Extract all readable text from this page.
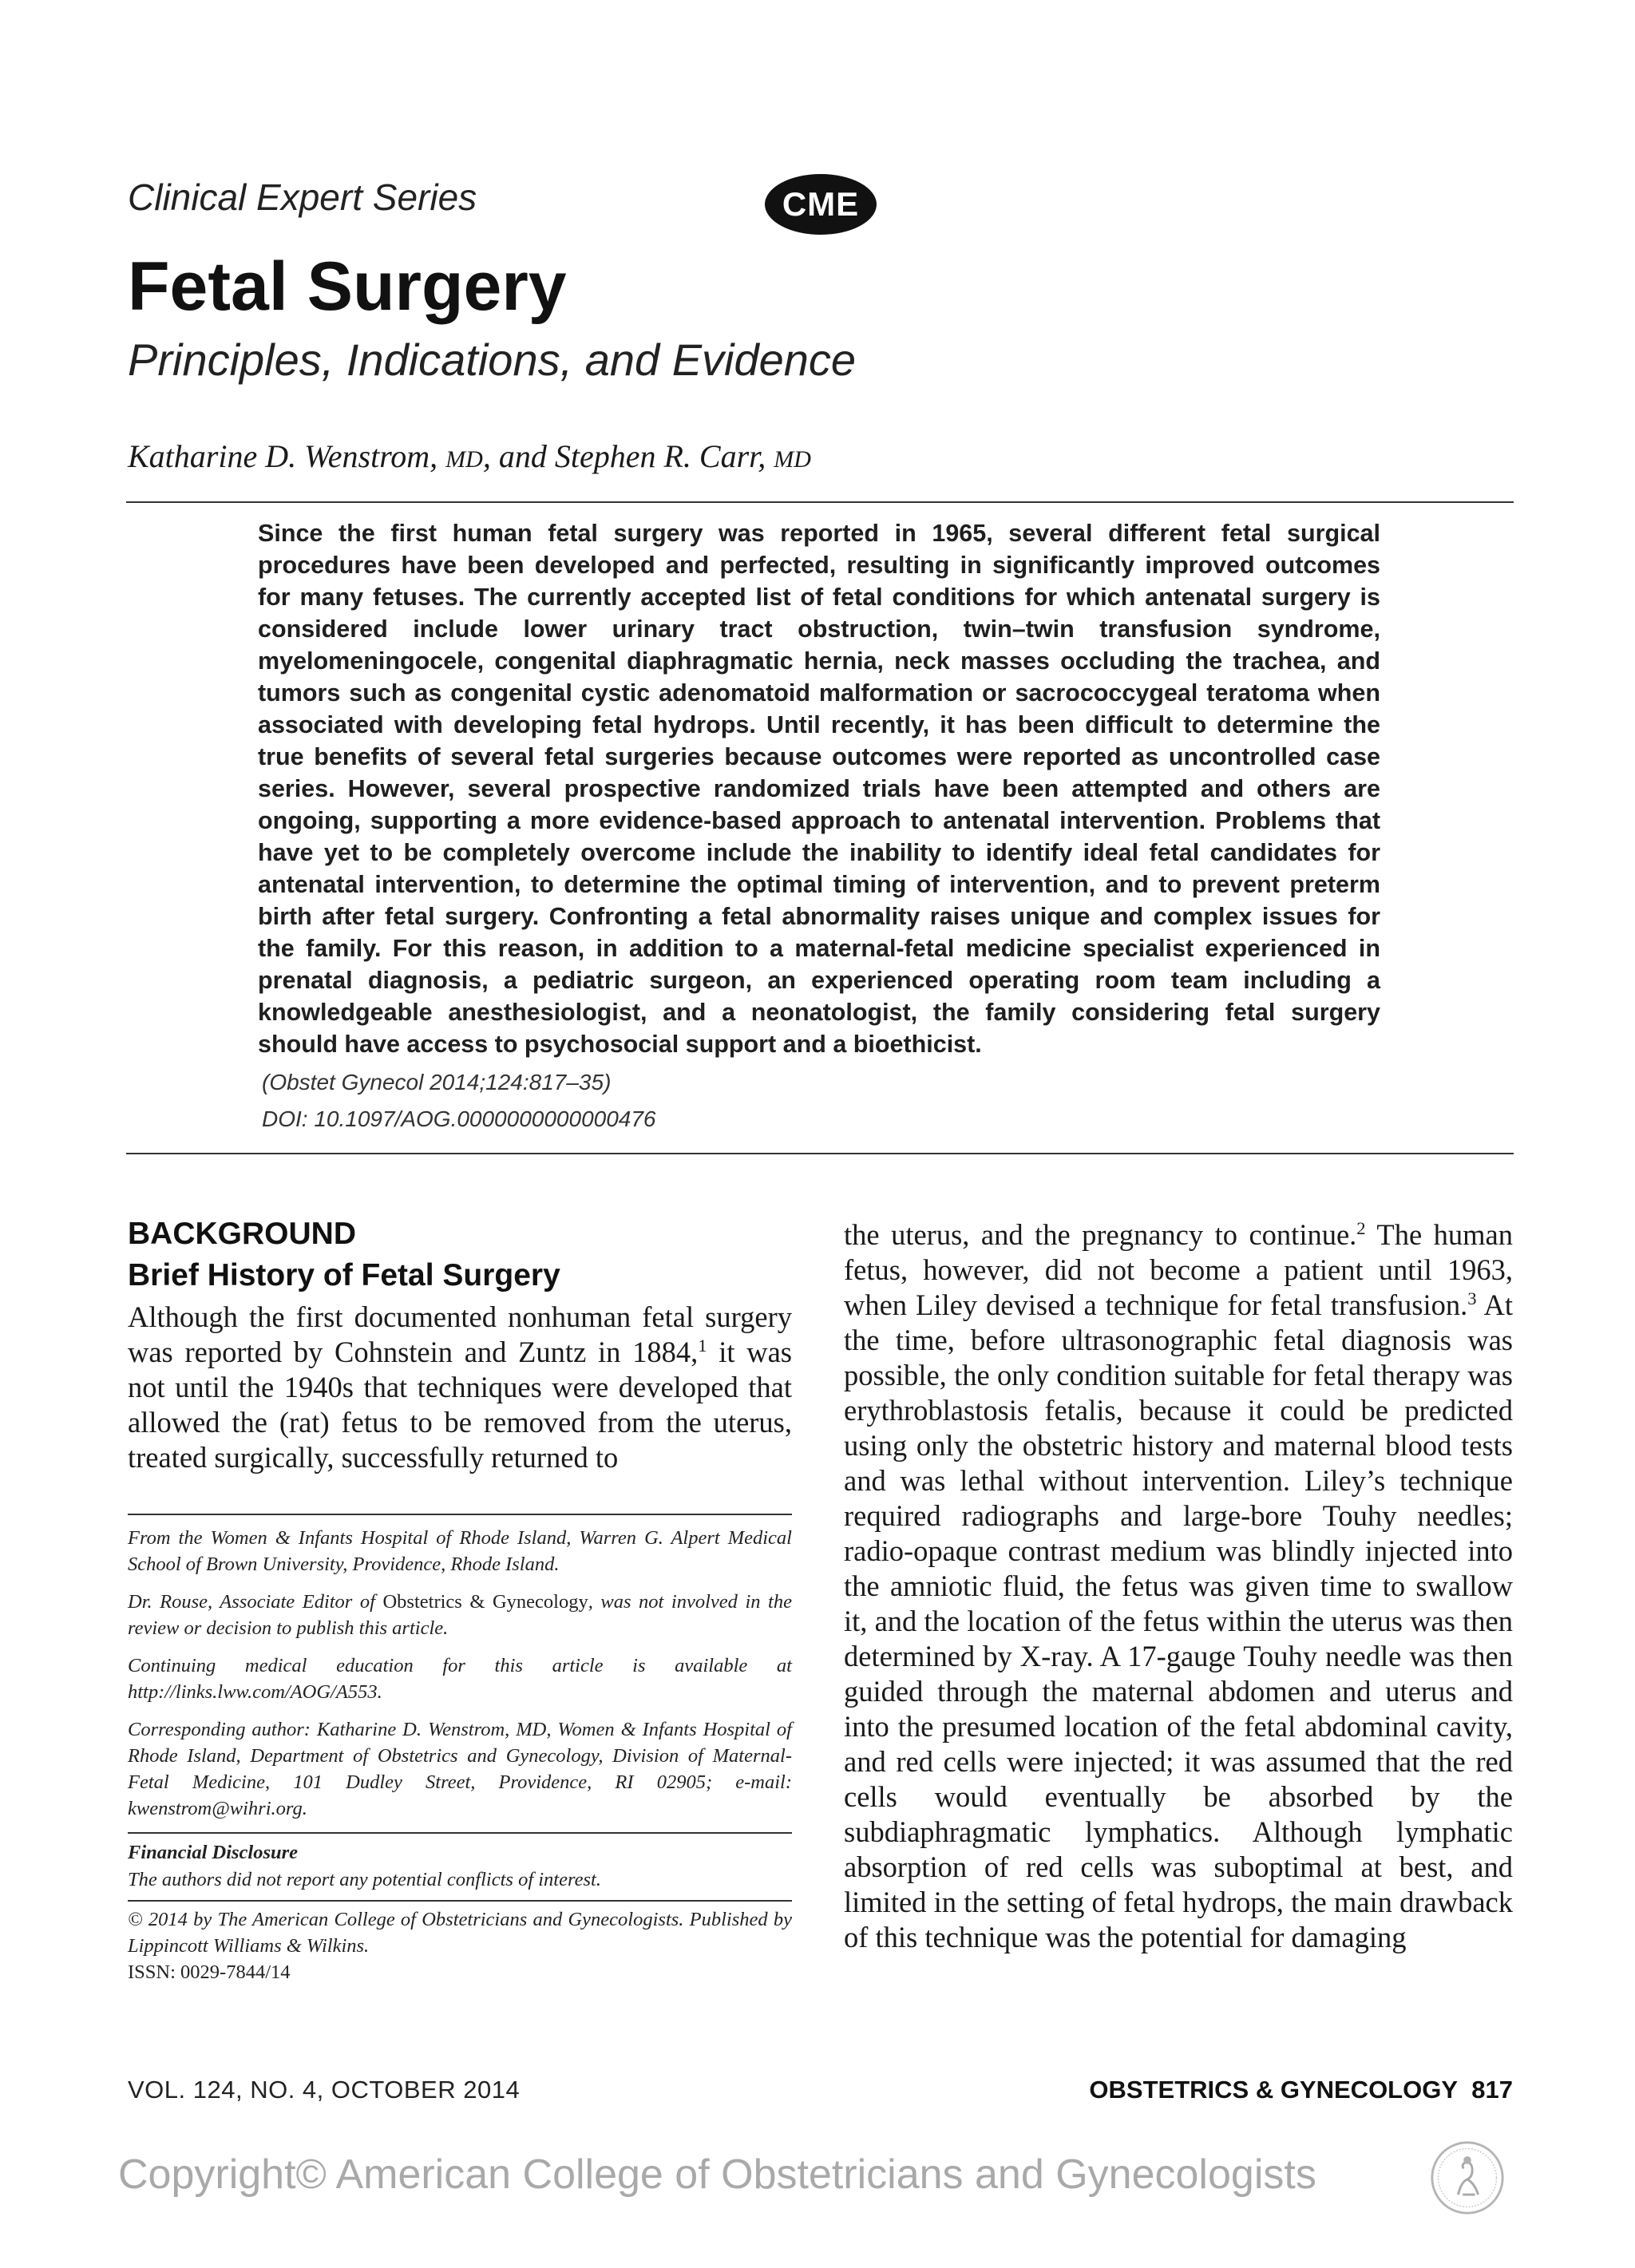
Clinical Expert Series	CME
Fetal Surgery
Principles, Indications, and Evidence
Katharine D. Wenstrom, MD, and Stephen R. Carr, MD

Since the first human fetal surgery was reported in 1965, several different fetal surgical procedures have been developed and perfected, resulting in significantly improved outcomes for many fetuses. The currently accepted list of fetal conditions for which antenatal surgery is considered include lower urinary tract obstruction, twin–twin transfusion syndrome, myelomeningocele, congenital diaphragmatic hernia, neck masses occluding the trachea, and tumors such as congenital cystic adenomatoid malformation or sacrococcygeal teratoma when associated with developing fetal hydrops. Until recently, it has been difficult to determine the true benefits of several fetal surgeries because outcomes were reported as uncontrolled case series. However, several prospective randomized trials have been attempted and others are ongoing, supporting a more evidence-based approach to antenatal intervention. Problems that have yet to be completely overcome include the inability to identify ideal fetal candidates for antenatal intervention, to determine the optimal timing of intervention, and to prevent preterm birth after fetal surgery. Confronting a fetal abnormality raises unique and complex issues for the family. For this reason, in addition to a maternal-fetal medicine specialist experienced in prenatal diagnosis, a pediatric surgeon, an experienced operating room team including a knowledgeable anesthesiologist, and a neonatologist, the family considering fetal surgery should have access to psychosocial support and a bioethicist.

(Obstet Gynecol 2014;124:817–35)
DOI: 10.1097/AOG.0000000000000476
BACKGROUND
Brief History of Fetal Surgery

Although the first documented nonhuman fetal surgery was reported by Cohnstein and Zuntz in 1884,$^1$ it was not until the 1940s that techniques were developed that allowed the (rat) fetus to be removed from the uterus, treated surgically, successfully returned to

From the Women & Infants Hospital of Rhode Island, Warren G. Alpert Medical School of Brown University, Providence, Rhode Island.

Dr. Rouse, Associate Editor of Obstetrics & Gynecology, was not involved in the review or decision to publish this article.

Continuing medical education for this article is available at http://links.lww.com/AOG/A553.

Corresponding author: Katharine D. Wenstrom, MD, Women & Infants Hospital of Rhode Island, Department of Obstetrics and Gynecology, Division of Maternal-Fetal Medicine, 101 Dudley Street, Providence, RI 02905; e-mail: kwenstrom@wihri.org.

Financial Disclosure

The authors did not report any potential conflicts of interest.

© 2014 by The American College of Obstetricians and Gynecologists. Published by Lippincott Williams & Wilkins.

ISSN: 0029-7844/14

the uterus, and the pregnancy to continue.$^2$ The human fetus, however, did not become a patient until 1963, when Liley devised a technique for fetal transfusion.$^3$ At the time, before ultrasonographic fetal diagnosis was possible, the only condition suitable for fetal therapy was erythroblastosis fetalis, because it could be predicted using only the obstetric history and maternal blood tests and was lethal without intervention. Liley’s technique required radiographs and large-bore Touhy needles; radio-opaque contrast medium was blindly injected into the amniotic fluid, the fetus was given time to swallow it, and the location of the fetus within the uterus was then determined by X-ray. A 17-gauge Touhy needle was then guided through the maternal abdomen and uterus and into the presumed location of the fetal abdominal cavity, and red cells were injected; it was assumed that the red cells would eventually be absorbed by the subdiaphragmatic lymphatics. Although lymphatic absorption of red cells was suboptimal at best, and limited in the setting of fetal hydrops, the main drawback of this technique was the potential for damaging

VOL. 124, NO. 4, OCTOBER 2014	OBSTETRICS & GYNECOLOGY 817
Copyright© American College of Obstetricians and Gynecologists
